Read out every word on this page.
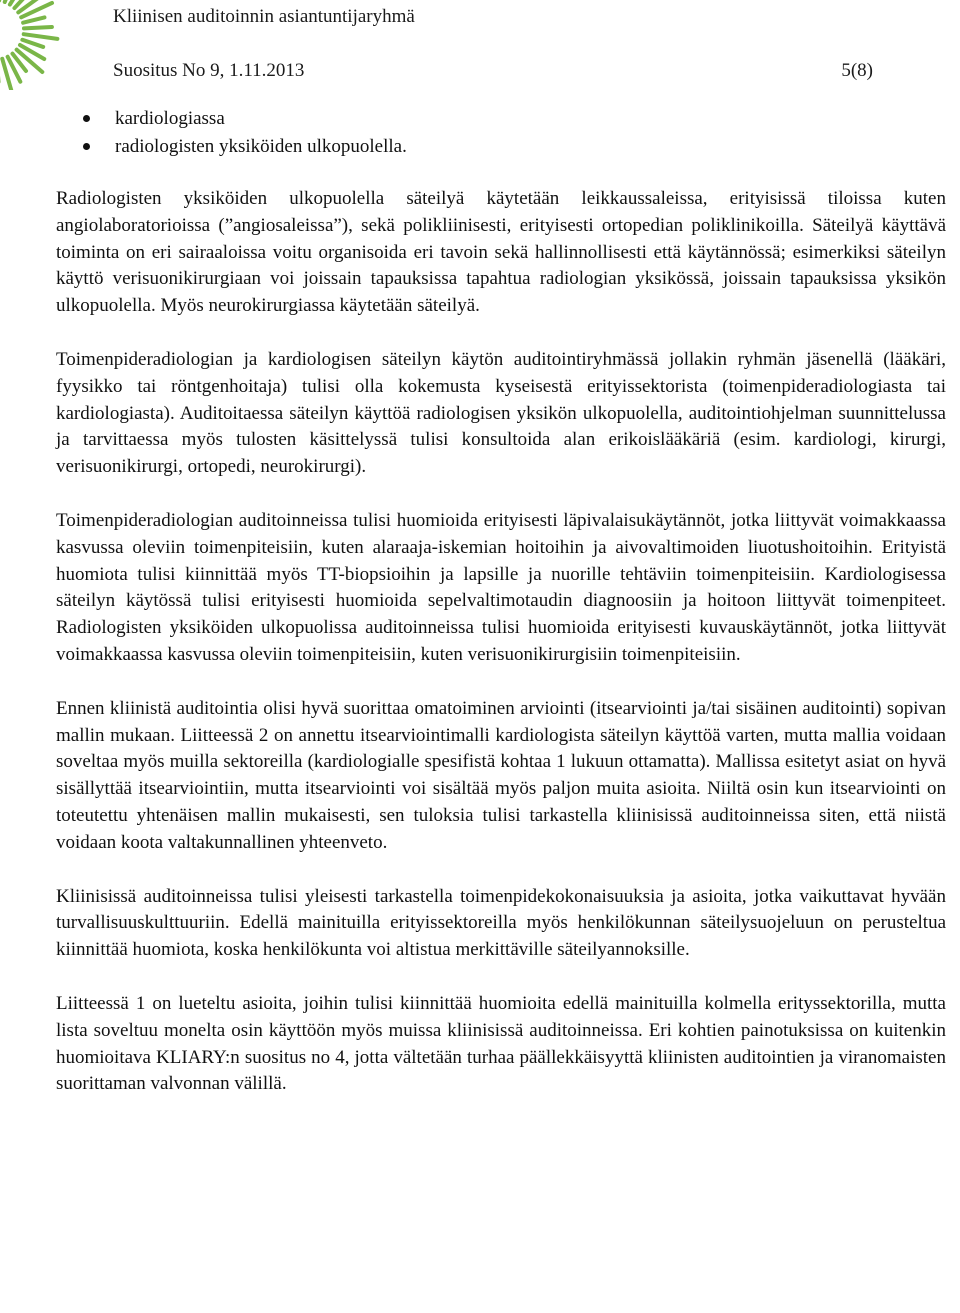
Kliinisen auditoinnin asiantuntijaryhmä
Suositus No 9, 1.11.2013	5(8)
kardiologiassa
radiologisten yksiköiden ulkopuolella.

Radiologisten yksiköiden ulkopuolella säteilyä käytetään leikkaussaleissa, erityisissä tiloissa kuten angiolaboratorioissa (”angiosaleissa”), sekä polikliinisesti, erityisesti ortopedian poliklinikoilla. Säteilyä käyttävä toiminta on eri sairaaloissa voitu organisoida eri tavoin sekä hallinnollisesti että käytännössä; esimerkiksi säteilyn käyttö verisuonikirurgiaan voi joissain tapauksissa tapahtua radiologian yksikössä, joissain tapauksissa yksikön ulkopuolella. Myös neurokirurgiassa käytetään säteilyä.

Toimenpideradiologian ja kardiologisen säteilyn käytön auditointiryhmässä jollakin ryhmän jäsenellä (lääkäri, fyysikko tai röntgenhoitaja) tulisi olla kokemusta kyseisestä erityissektorista (toimenpideradiologiasta tai kardiologiasta). Auditoitaessa säteilyn käyttöä radiologisen yksikön ulkopuolella, auditointiohjelman suunnittelussa ja tarvittaessa myös tulosten käsittelyssä tulisi konsultoida alan erikoislääkäriä (esim. kardiologi, kirurgi, verisuonikirurgi, ortopedi, neurokirurgi).

Toimenpideradiologian auditoinneissa tulisi huomioida erityisesti läpivalaisukäytännöt, jotka liittyvät voimakkaassa kasvussa oleviin toimenpiteisiin, kuten alaraaja-iskemian hoitoihin ja aivovaltimoiden liuotushoitoihin. Erityistä huomiota tulisi kiinnittää myös TT-biopsioihin ja lapsille ja nuorille tehtäviin toimenpiteisiin. Kardiologisessa säteilyn käytössä tulisi erityisesti huomioida sepelvaltimotaudin diagnoosiin ja hoitoon liittyvät toimenpiteet. Radiologisten yksiköiden ulkopuolissa auditoinneissa tulisi huomioida erityisesti kuvauskäytännöt, jotka liittyvät voimakkaassa kasvussa oleviin toimenpiteisiin, kuten verisuonikirurgisiin toimenpiteisiin.

Ennen kliinistä auditointia olisi hyvä suorittaa omatoiminen arviointi (itsearviointi ja/tai sisäinen auditointi) sopivan mallin mukaan. Liitteessä 2 on annettu itsearviointimalli kardiologista säteilyn käyttöä varten, mutta mallia voidaan soveltaa myös muilla sektoreilla (kardiologialle spesifistä kohtaa 1 lukuun ottamatta). Mallissa esitetyt asiat on hyvä sisällyttää itsearviointiin, mutta itsearviointi voi sisältää myös paljon muita asioita. Niiltä osin kun itsearviointi on toteutettu yhtenäisen mallin mukaisesti, sen tuloksia tulisi tarkastella kliinisissä auditoinneissa siten, että niistä voidaan koota valtakunnallinen yhteenveto.

Kliinisissä auditoinneissa tulisi yleisesti tarkastella toimenpidekokonaisuuksia ja asioita, jotka vaikuttavat hyvään turvallisuuskulttuuriin. Edellä mainituilla erityissektoreilla myös henkilökunnan säteilysuojeluun on perusteltua kiinnittää huomiota, koska henkilökunta voi altistua merkittäville säteilyannoksille.

Liitteessä 1 on lueteltu asioita, joihin tulisi kiinnittää huomioita edellä mainituilla kolmella erityssektorilla, mutta lista soveltuu monelta osin käyttöön myös muissa kliinisissä auditoinneissa. Eri kohtien painotuksissa on kuitenkin huomioitava KLIARY:n suositus no 4, jotta vältetään turhaa päällekkäisyyttä kliinisten auditointien ja viranomaisten suorittaman valvonnan välillä.
